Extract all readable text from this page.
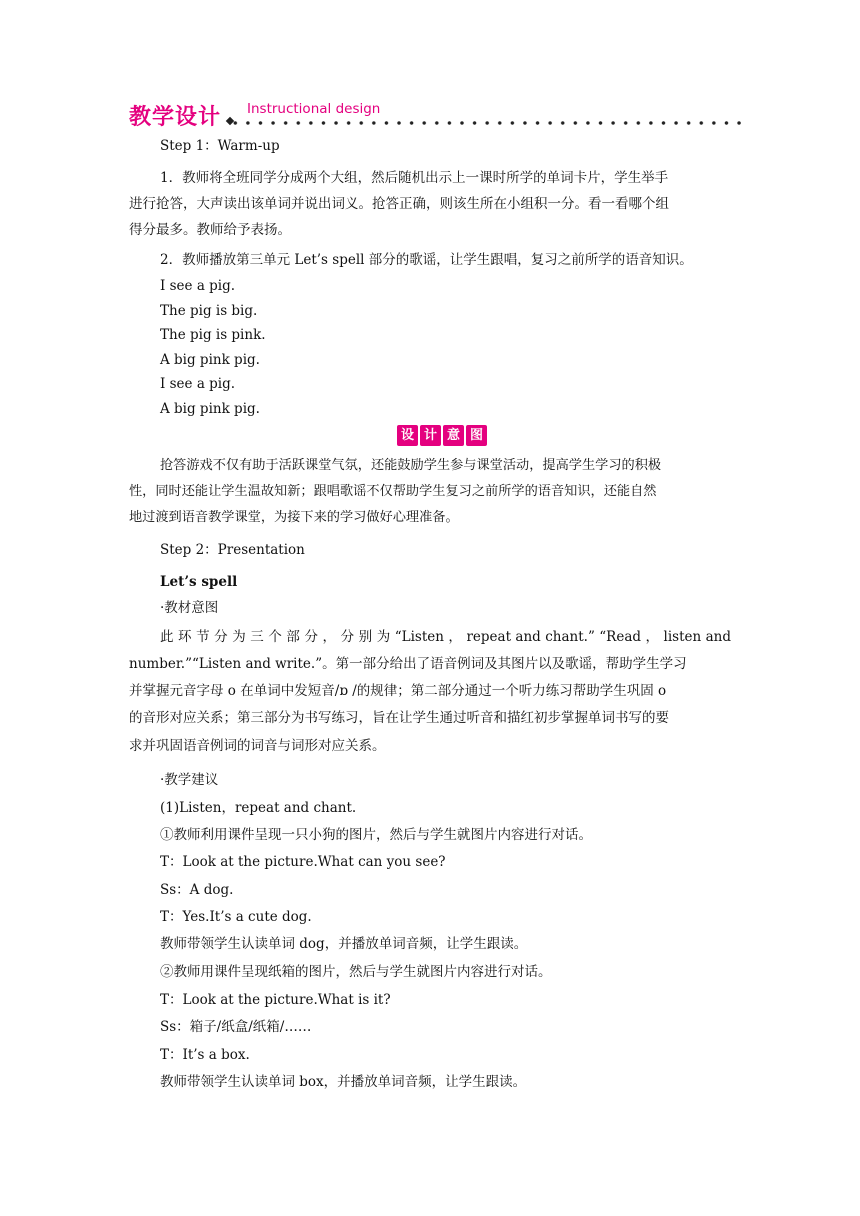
教学设计	Instructional design
Step 1：Warm-up
1．教师将全班同学分成两个大组，然后随机出示上一课时所学的单词卡片，学生举手
进行抢答，大声读出该单词并说出词义。抢答正确，则该生所在小组积一分。看一看哪个组
得分最多。教师给予表扬。
2．教师播放第三单元 Let’s spell 部分的歌谣，让学生跟唱，复习之前所学的语音知识。
I see a pig.
The pig is big.
The pig is pink.
A big pink pig.
I see a pig.
A big pink pig.
设 计 意 图
抢答游戏不仅有助于活跃课堂气氛，还能鼓励学生参与课堂活动，提高学生学习的积极
性，同时还能让学生温故知新；跟唱歌谣不仅帮助学生复习之前所学的语音知识，还能自然
地过渡到语音教学课堂，为接下来的学习做好心理准备。
Step 2：Presentation
Let’s spell
·教材意图
此 环 节 分 为 三 个 部 分 ， 分 别 为 “Listen ， repeat and chant.” “Read ， listen and
number.”“Listen and write.”。第一部分给出了语音例词及其图片以及歌谣，帮助学生学习
并掌握元音字母 o 在单词中发短音/ɒ /的规律；第二部分通过一个听力练习帮助学生巩固 o
的音形对应关系；第三部分为书写练习，旨在让学生通过听音和描红初步掌握单词书写的要
求并巩固语音例词的词音与词形对应关系。
·教学建议
(1)Listen，repeat and chant.
①教师利用课件呈现一只小狗的图片，然后与学生就图片内容进行对话。
T：Look at the picture.What can you see?
Ss：A dog.
T：Yes.It’s a cute dog.
教师带领学生认读单词 dog，并播放单词音频，让学生跟读。
②教师用课件呈现纸箱的图片，然后与学生就图片内容进行对话。
T：Look at the picture.What is it?
Ss：箱子/纸盒/纸箱/……
T：It’s a box.
教师带领学生认读单词 box，并播放单词音频，让学生跟读。
